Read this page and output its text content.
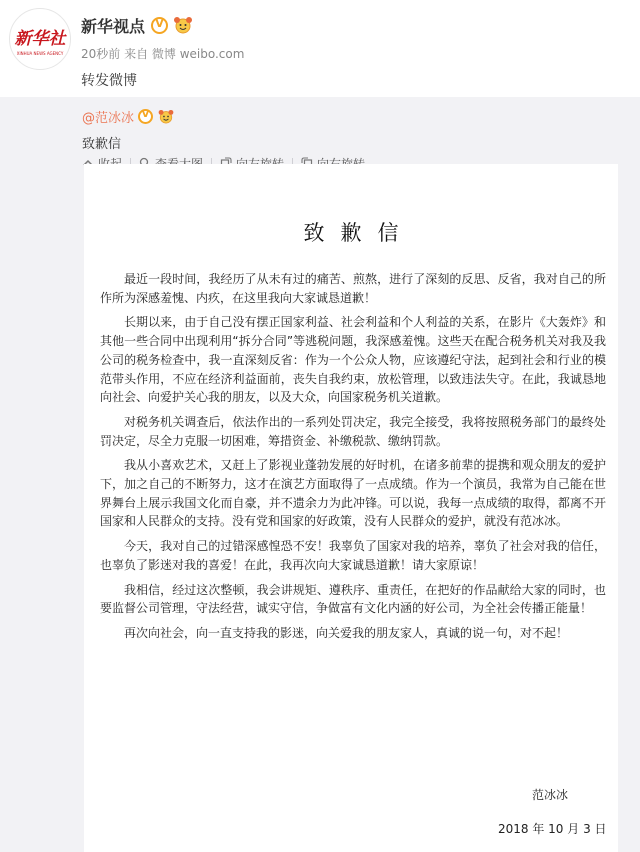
新华社
XINHUA NEWS AGENCY
新华视点
V
20秒前 来自 微博 weibo.com
转发微博
@范冰冰
V
致歉信
致歉信

最近一段时间，我经历了从未有过的痛苦、煎熬，进行了深刻的反思、反省，我对自己的所作所为深感羞愧、内疚，在这里我向大家诚恳道歉！

长期以来，由于自己没有摆正国家利益、社会利益和个人利益的关系，在影片《大轰炸》和其他一些合同中出现利用“拆分合同”等逃税问题，我深感羞愧。这些天在配合税务机关对我及我公司的税务检查中，我一直深刻反省：作为一个公众人物，应该遵纪守法，起到社会和行业的模范带头作用，不应在经济利益面前，丧失自我约束，放松管理，以致违法失守。在此，我诚恳地向社会、向爱护关心我的朋友，以及大众，向国家税务机关道歉。

对税务机关调查后，依法作出的一系列处罚决定，我完全接受，我将按照税务部门的最终处罚决定，尽全力克服一切困难，筹措资金、补缴税款、缴纳罚款。

我从小喜欢艺术，又赶上了影视业蓬勃发展的好时机，在诸多前辈的提携和观众朋友的爱护下，加之自己的不断努力，这才在演艺方面取得了一点成绩。作为一个演员，我常为自己能在世界舞台上展示我国文化而自豪，并不遗余力为此冲锋。可以说，我每一点成绩的取得，都离不开国家和人民群众的支持。没有党和国家的好政策，没有人民群众的爱护，就没有范冰冰。

今天，我对自己的过错深感惶恐不安！我辜负了国家对我的培养，辜负了社会对我的信任，也辜负了影迷对我的喜爱！在此，我再次向大家诚恳道歉！请大家原谅！

我相信，经过这次整顿，我会讲规矩、遵秩序、重责任，在把好的作品献给大家的同时，也要监督公司管理，守法经营，诚实守信，争做富有文化内涵的好公司，为全社会传播正能量！

再次向社会，向一直支持我的影迷，向关爱我的朋友家人，真诚的说一句，对不起！

范冰冰
2018 年 10 月 3 日
